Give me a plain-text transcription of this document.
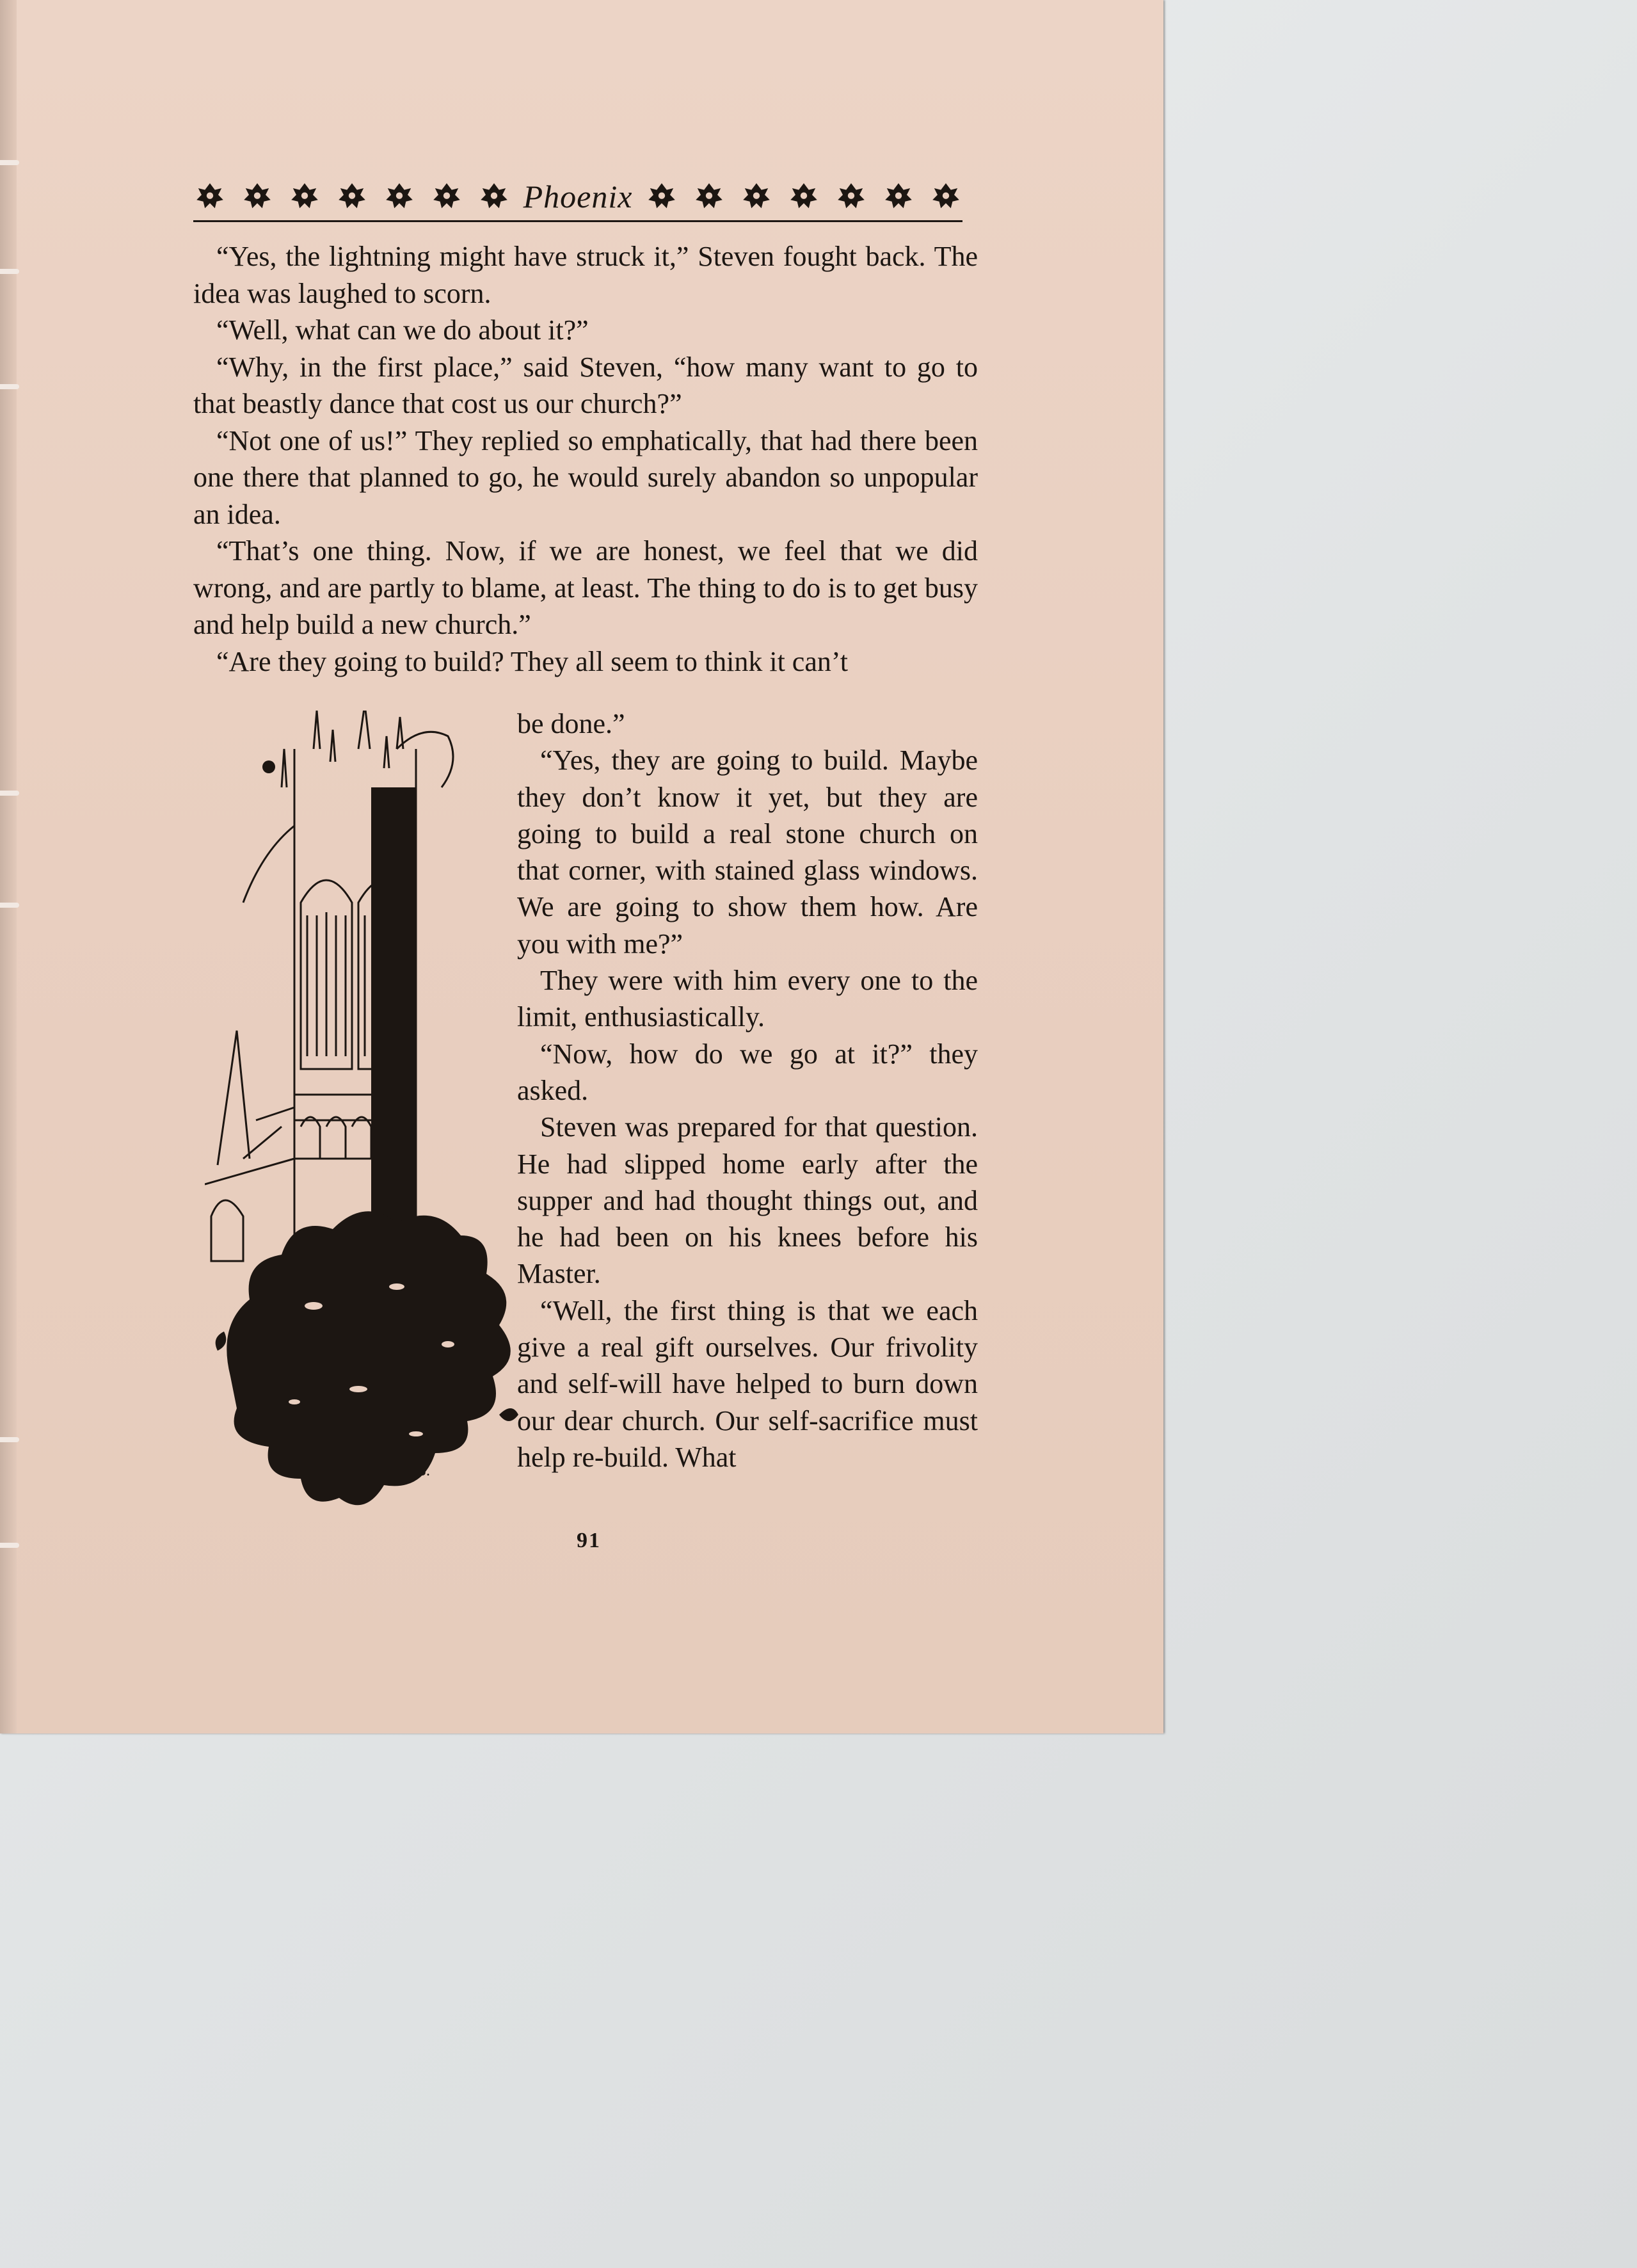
Phoenix

“Yes, the lightning might have struck it,” Steven fought back. The idea was laughed to scorn.

“Well, what can we do about it?”

“Why, in the first place,” said Steven, “how many want to go to that beastly dance that cost us our church?”

“Not one of us!” They replied so emphatically, that had there been one there that planned to go, he would surely abandon so unpopular an idea.

“That’s one thing. Now, if we are honest, we feel that we did wrong, and are partly to blame, at least. The thing to do is to get busy and help build a new church.”

“Are they going to build? They all seem to think it can’t

B.

be done.”

“Yes, they are going to build. Maybe they don’t know it yet, but they are going to build a real stone church on that corner, with stained glass windows. We are going to show them how. Are you with me?”

They were with him every one to the limit, enthusiastically.

“Now, how do we go at it?” they asked.

Steven was prepared for that question. He had slipped home early after the supper and had thought things out, and he had been on his knees before his Master.

“Well, the first thing is that we each give a real gift ourselves. Our frivolity and self-will have helped to burn down our dear church. Our self-sacrifice must help re-build. What

91
